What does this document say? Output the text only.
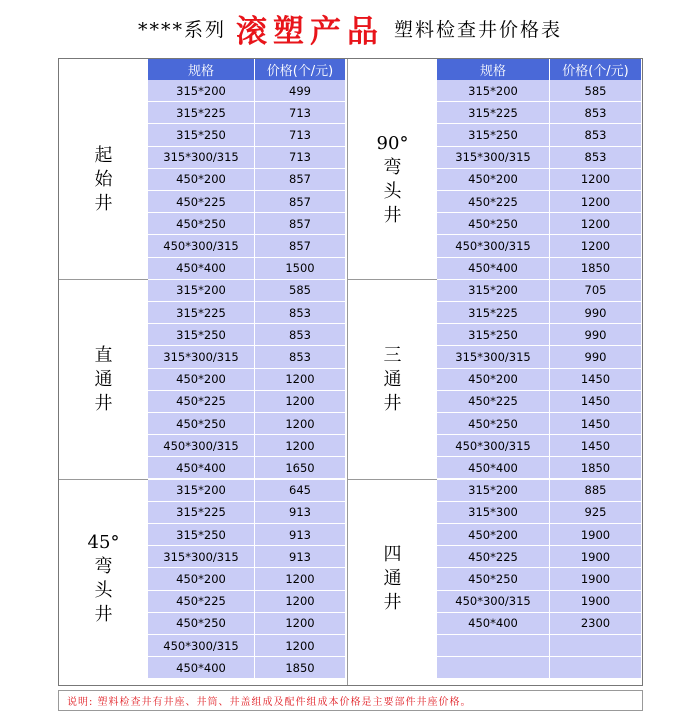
****系列 滚塑产品 塑料检查井价格表
规格	价格(个/元)
起
始
井
315*200	499
315*225	713
315*250	713
315*300/315	713
450*200	857
450*225	857
450*250	857
450*300/315	857
450*400	1500
直
通
井
315*200	585
315*225	853
315*250	853
315*300/315	853
450*200	1200
450*225	1200
450*250	1200
450*300/315	1200
450*400	1650
45°
弯
头
井
315*200	645
315*225	913
315*250	913
315*300/315	913
450*200	1200
450*225	1200
450*250	1200
450*300/315	1200
450*400	1850
规格	价格(个/元)
90°
弯
头
井
315*200	585
315*225	853
315*250	853
315*300/315	853
450*200	1200
450*225	1200
450*250	1200
450*300/315	1200
450*400	1850
三
通
井
315*200	705
315*225	990
315*250	990
315*300/315	990
450*200	1450
450*225	1450
450*250	1450
450*300/315	1450
450*400	1850
四
通
井
315*200	885
315*300	925
450*200	1900
450*225	1900
450*250	1900
450*300/315	1900
450*400	2300
说明: 塑料检查井有井座、井筒、井盖组成及配件组成本价格是主要部件井座价格。
